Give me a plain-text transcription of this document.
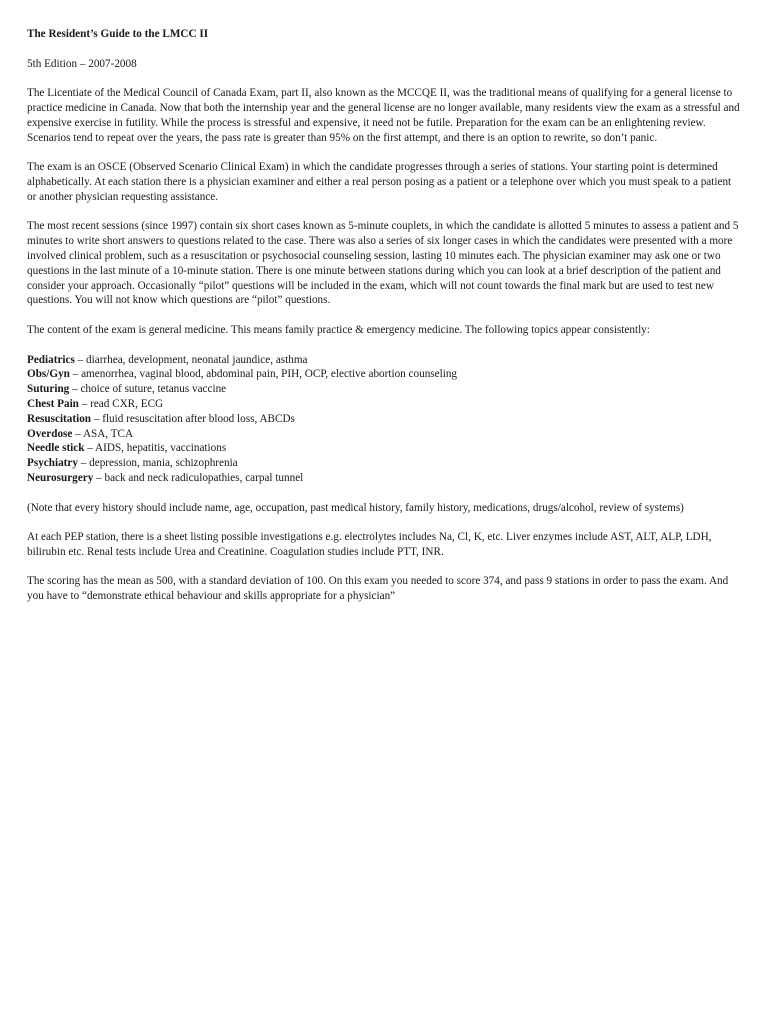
The Resident’s Guide to the LMCC II

5th Edition – 2007-2008

The Licentiate of the Medical Council of Canada Exam, part II, also known as the MCCQE II, was the traditional means of qualifying for a general license to practice medicine in Canada. Now that both the internship year and the general license are no longer available, many residents view the exam as a stressful and expensive exercise in futility. While the process is stressful and expensive, it need not be futile. Preparation for the exam can be an enlightening review. Scenarios tend to repeat over the years, the pass rate is greater than 95% on the first attempt, and there is an option to rewrite, so don’t panic.

The exam is an OSCE (Observed Scenario Clinical Exam) in which the candidate progresses through a series of stations. Your starting point is determined alphabetically. At each station there is a physician examiner and either a real person posing as a patient or a telephone over which you must speak to a patient or another physician requesting assistance.

The most recent sessions (since 1997) contain six short cases known as 5-minute couplets, in which the candidate is allotted 5 minutes to assess a patient and 5 minutes to write short answers to questions related to the case. There was also a series of six longer cases in which the candidates were presented with a more involved clinical problem, such as a resuscitation or psychosocial counseling session, lasting 10 minutes each. The physician examiner may ask one or two questions in the last minute of a 10-minute station. There is one minute between stations during which you can look at a brief description of the patient and consider your approach. Occasionally “pilot” questions will be included in the exam, which will not count towards the final mark but are used to test new questions. You will not know which questions are “pilot” questions.

The content of the exam is general medicine. This means family practice & emergency medicine. The following topics appear consistently:

Pediatrics – diarrhea, development, neonatal jaundice, asthma
Obs/Gyn – amenorrhea, vaginal blood, abdominal pain, PIH, OCP, elective abortion counseling
Suturing – choice of suture, tetanus vaccine
Chest Pain – read CXR, ECG
Resuscitation – fluid resuscitation after blood loss, ABCDs
Overdose – ASA, TCA
Needle stick – AIDS, hepatitis, vaccinations
Psychiatry – depression, mania, schizophrenia
Neurosurgery – back and neck radiculopathies, carpal tunnel

(Note that every history should include name, age, occupation, past medical history, family history, medications, drugs/alcohol, review of systems)

At each PEP station, there is a sheet listing possible investigations e.g. electrolytes includes Na, Cl, K, etc. Liver enzymes include AST, ALT, ALP, LDH, bilirubin etc. Renal tests include Urea and Creatinine. Coagulation studies include PTT, INR.

The scoring has the mean as 500, with a standard deviation of 100. On this exam you needed to score 374, and pass 9 stations in order to pass the exam. And you have to “demonstrate ethical behaviour and skills appropriate for a physician”
